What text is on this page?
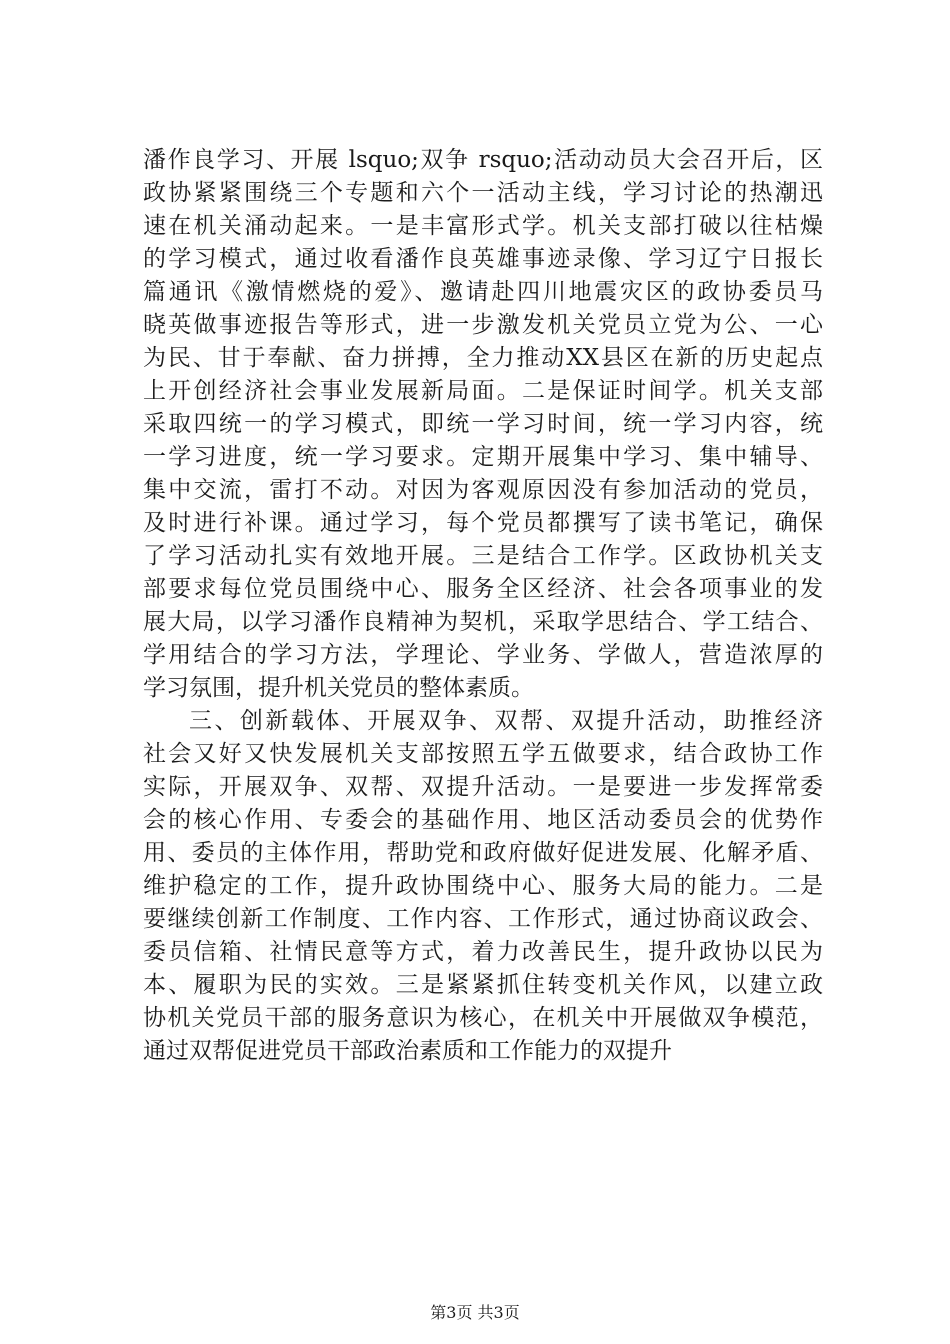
潘作良学习、开展 lsquo;双争 rsquo;活动动员大会召开后，区
政协紧紧围绕三个专题和六个一活动主线，学习讨论的热潮迅
速在机关涌动起来。一是丰富形式学。机关支部打破以往枯燥
的学习模式，通过收看潘作良英雄事迹录像、学习辽宁日报长
篇通讯《激情燃烧的爱》、邀请赴四川地震灾区的政协委员马
晓英做事迹报告等形式，进一步激发机关党员立党为公、一心
为民、甘于奉献、奋力拼搏，全力推动XX县区在新的历史起点
上开创经济社会事业发展新局面。二是保证时间学。机关支部
采取四统一的学习模式，即统一学习时间，统一学习内容，统
一学习进度，统一学习要求。定期开展集中学习、集中辅导、
集中交流，雷打不动。对因为客观原因没有参加活动的党员，
及时进行补课。通过学习，每个党员都撰写了读书笔记，确保
了学习活动扎实有效地开展。三是结合工作学。区政协机关支
部要求每位党员围绕中心、服务全区经济、社会各项事业的发
展大局，以学习潘作良精神为契机，采取学思结合、学工结合、
学用结合的学习方法，学理论、学业务、学做人，营造浓厚的
学习氛围，提升机关党员的整体素质。
三、创新载体、开展双争、双帮、双提升活动，助推经济
社会又好又快发展机关支部按照五学五做要求，结合政协工作
实际，开展双争、双帮、双提升活动。一是要进一步发挥常委
会的核心作用、专委会的基础作用、地区活动委员会的优势作
用、委员的主体作用，帮助党和政府做好促进发展、化解矛盾、
维护稳定的工作，提升政协围绕中心、服务大局的能力。二是
要继续创新工作制度、工作内容、工作形式，通过协商议政会、
委员信箱、社情民意等方式，着力改善民生，提升政协以民为
本、履职为民的实效。三是紧紧抓住转变机关作风，以建立政
协机关党员干部的服务意识为核心，在机关中开展做双争模范，
通过双帮促进党员干部政治素质和工作能力的双提升
第3页 共3页
